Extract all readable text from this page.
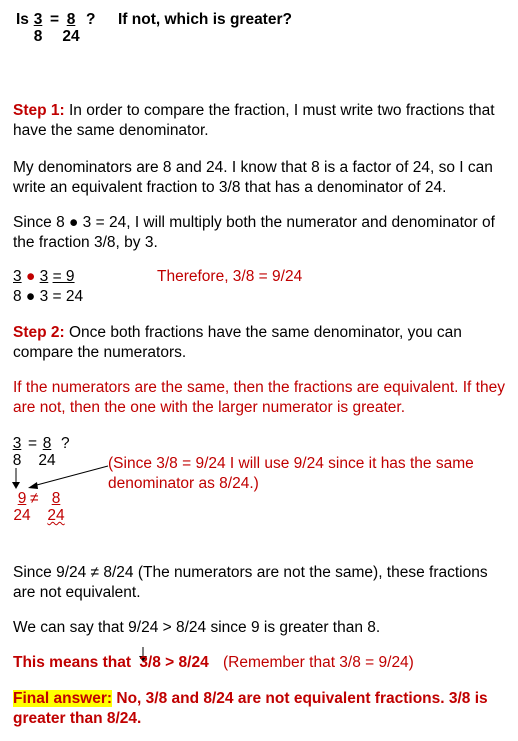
Is $\frac{3}{8} = \frac{8}{24}$ ? If not, which is greater?
Step 1: In order to compare the fraction, I must write two fractions that have the same denominator.
My denominators are 8 and 24. I know that 8 is a factor of 24, so I can write an equivalent fraction to 3/8 that has a denominator of 24.
Since 8 ● 3 = 24, I will multiply both the numerator and denominator of the fraction 3/8, by 3.
3 ● 3 = 9
8 ● 3 = 24
Therefore, 3/8 = 9/24
Step 2: Once both fractions have the same denominator, you can compare the numerators.
If the numerators are the same, then the fractions are equivalent. If they are not, then the one with the larger numerator is greater.
$\frac{3}{8} = \frac{8}{24}$ ?
(Since 3/8 = 9/24 I will use 9/24 since it has the same denominator as 8/24.)
$\frac{9}{24}$
≠ $\frac{8}{24}$
Since 9/24 ≠ 8/24 (The numerators are not the same), these fractions are not equivalent.
We can say that 9/24 > 8/24 since 9 is greater than 8.
This means that 3/8 > 8/24 (Remember that 3/8 = 9/24)
Final answer: No, 3/8 and 8/24 are not equivalent fractions. 3/8 is greater than 8/24.
